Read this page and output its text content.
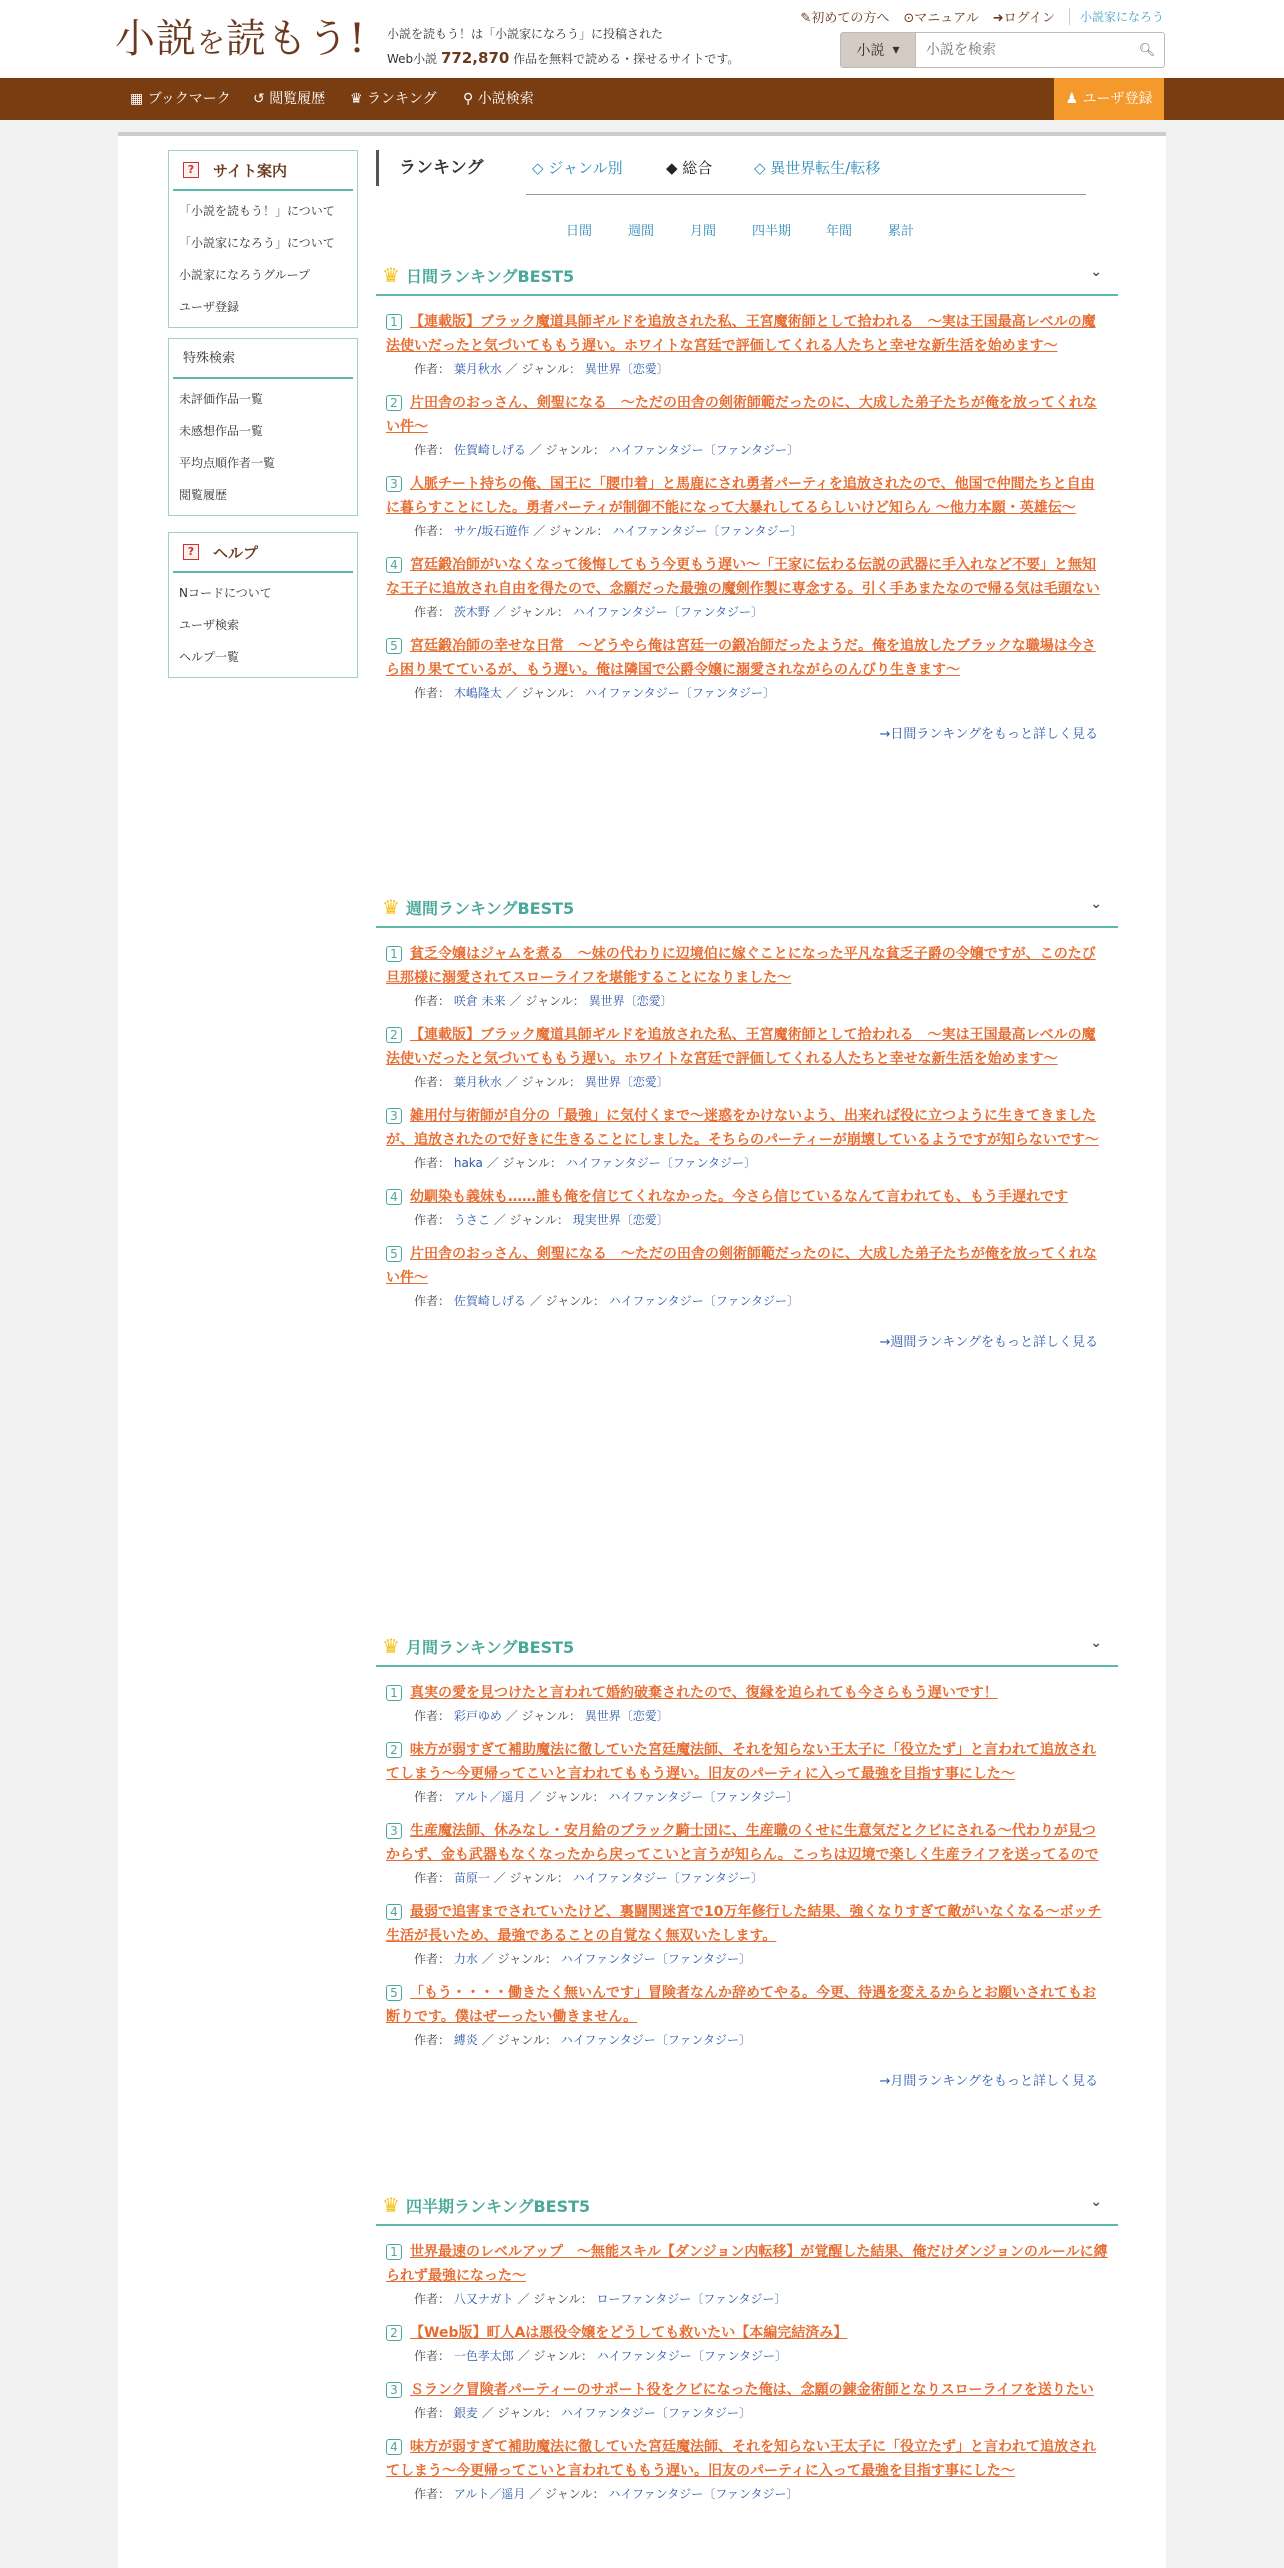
小説を読もう! 小説を読もう！は「小説家になろう」に投稿された
Web小説 772,870 作品を無料で読める・探せるサイトです。
✎初めての方へ ⊙マニュアル ➜ログイン	小説家になろう
小説 ▾
小説を検索	🔍︎
▦ ブックマーク ↺ 閲覧履歴 ♛ ランキング ⚲ 小説検索	♟ ユーザ登録
?	サイト案内
「小説を読もう！」について
「小説家になろう」について
小説家になろうグループ
ユーザ登録
特殊検索
未評価作品一覧
未感想作品一覧
平均点順作者一覧
閲覧履歴
?	ヘルプ
Nコードについて
ユーザ検索
ヘルプ一覧
ランキング	◇ ジャンル別	◆ 総合	◇ 異世界転生/転移
日間	週間	月間	四半期	年間	累計
♛ 日間ランキングBEST5	⌄
1 【連載版】ブラック魔道具師ギルドを追放された私、王宮魔術師として拾われる　～実は王国最高レベルの魔法使いだったと気づいてももう遅い。ホワイトな宮廷で評価してくれる人たちと幸せな新生活を始めます～
作者： 葉月秋水 ／ ジャンル： 異世界〔恋愛〕
2 片田舎のおっさん、剣聖になる　～ただの田舎の剣術師範だったのに、大成した弟子たちが俺を放ってくれない件～
作者： 佐賀崎しげる ／ ジャンル： ハイファンタジー〔ファンタジー〕
3 人脈チート持ちの俺、国王に「腰巾着」と馬鹿にされ勇者パーティを追放されたので、他国で仲間たちと自由に暮らすことにした。勇者パーティが制御不能になって大暴れしてるらしいけど知らん ～他力本願・英雄伝～
作者： サケ/坂石遊作 ／ ジャンル： ハイファンタジー〔ファンタジー〕
4 宮廷鍛冶師がいなくなって後悔してもう今更もう遅い～「王家に伝わる伝説の武器に手入れなど不要」と無知な王子に追放され自由を得たので、念願だった最強の魔剣作製に専念する。引く手あまたなので帰る気は毛頭ない
作者： 茨木野 ／ ジャンル： ハイファンタジー〔ファンタジー〕
5 宮廷鍛冶師の幸せな日常　～どうやら俺は宮廷一の鍛冶師だったようだ。俺を追放したブラックな職場は今さら困り果てているが、もう遅い。俺は隣国で公爵令嬢に溺愛されながらのんびり生きます～
作者： 木嶋隆太 ／ ジャンル： ハイファンタジー〔ファンタジー〕
→日間ランキングをもっと詳しく見る
♛ 週間ランキングBEST5	⌄
1 貧乏令嬢はジャムを煮る　～妹の代わりに辺境伯に嫁ぐことになった平凡な貧乏子爵の令嬢ですが、このたび旦那様に溺愛されてスローライフを堪能することになりました～
作者： 咲倉 未来 ／ ジャンル： 異世界〔恋愛〕
2 【連載版】ブラック魔道具師ギルドを追放された私、王宮魔術師として拾われる　～実は王国最高レベルの魔法使いだったと気づいてももう遅い。ホワイトな宮廷で評価してくれる人たちと幸せな新生活を始めます～
作者： 葉月秋水 ／ ジャンル： 異世界〔恋愛〕
3 雑用付与術師が自分の「最強」に気付くまで〜迷惑をかけないよう、出来れば役に立つように生きてきましたが、追放されたので好きに生きることにしました。そちらのパーティーが崩壊しているようですが知らないです〜
作者： haka ／ ジャンル： ハイファンタジー〔ファンタジー〕
4 幼馴染も義妹も……誰も俺を信じてくれなかった。今さら信じているなんて言われても、もう手遅れです
作者： うさこ ／ ジャンル： 現実世界〔恋愛〕
5 片田舎のおっさん、剣聖になる　～ただの田舎の剣術師範だったのに、大成した弟子たちが俺を放ってくれない件～
作者： 佐賀崎しげる ／ ジャンル： ハイファンタジー〔ファンタジー〕
→週間ランキングをもっと詳しく見る
♛ 月間ランキングBEST5	⌄
1 真実の愛を見つけたと言われて婚約破棄されたので、復縁を迫られても今さらもう遅いです！
作者： 彩戸ゆめ ／ ジャンル： 異世界〔恋愛〕
2 味方が弱すぎて補助魔法に徹していた宮廷魔法師、それを知らない王太子に「役立たず」と言われて追放されてしまう〜今更帰ってこいと言われてももう遅い。旧友のパーティに入って最強を目指す事にした〜
作者： アルト／遥月 ／ ジャンル： ハイファンタジー〔ファンタジー〕
3 生産魔法師、休みなし・安月給のブラック騎士団に、生産職のくせに生意気だとクビにされる～代わりが見つからず、金も武器もなくなったから戻ってこいと言うが知らん。こっちは辺境で楽しく生産ライフを送ってるので
作者： 苗原一 ／ ジャンル： ハイファンタジー〔ファンタジー〕
4 最弱で追害までされていたけど、裏闘関迷宮で10万年修行した結果、強くなりすぎて敵がいなくなる～ボッチ生活が長いため、最強であることの自覚なく無双いたします。
作者： 力水 ／ ジャンル： ハイファンタジー〔ファンタジー〕
5 「もう・・・・働きたく無いんです」冒険者なんか辞めてやる。今更、待遇を変えるからとお願いされてもお断りです。僕はぜーったい働きません。
作者： 縛炎 ／ ジャンル： ハイファンタジー〔ファンタジー〕
→月間ランキングをもっと詳しく見る
♛ 四半期ランキングBEST5	⌄
1 世界最速のレベルアップ　～無能スキル【ダンジョン内転移】が覚醒した結果、俺だけダンジョンのルールに縛られず最強になった～
作者： 八又ナガト ／ ジャンル： ローファンタジー〔ファンタジー〕
2 【Web版】町人Aは悪役令嬢をどうしても救いたい【本編完結済み】
作者： 一色孝太郎 ／ ジャンル： ハイファンタジー〔ファンタジー〕
3 Ｓランク冒険者パーティーのサポート役をクビになった俺は、念願の錬金術師となりスローライフを送りたい
作者： 銀麦 ／ ジャンル： ハイファンタジー〔ファンタジー〕
4 味方が弱すぎて補助魔法に徹していた宮廷魔法師、それを知らない王太子に「役立たず」と言われて追放されてしまう〜今更帰ってこいと言われてももう遅い。旧友のパーティに入って最強を目指す事にした〜
作者： アルト／遥月 ／ ジャンル： ハイファンタジー〔ファンタジー〕
